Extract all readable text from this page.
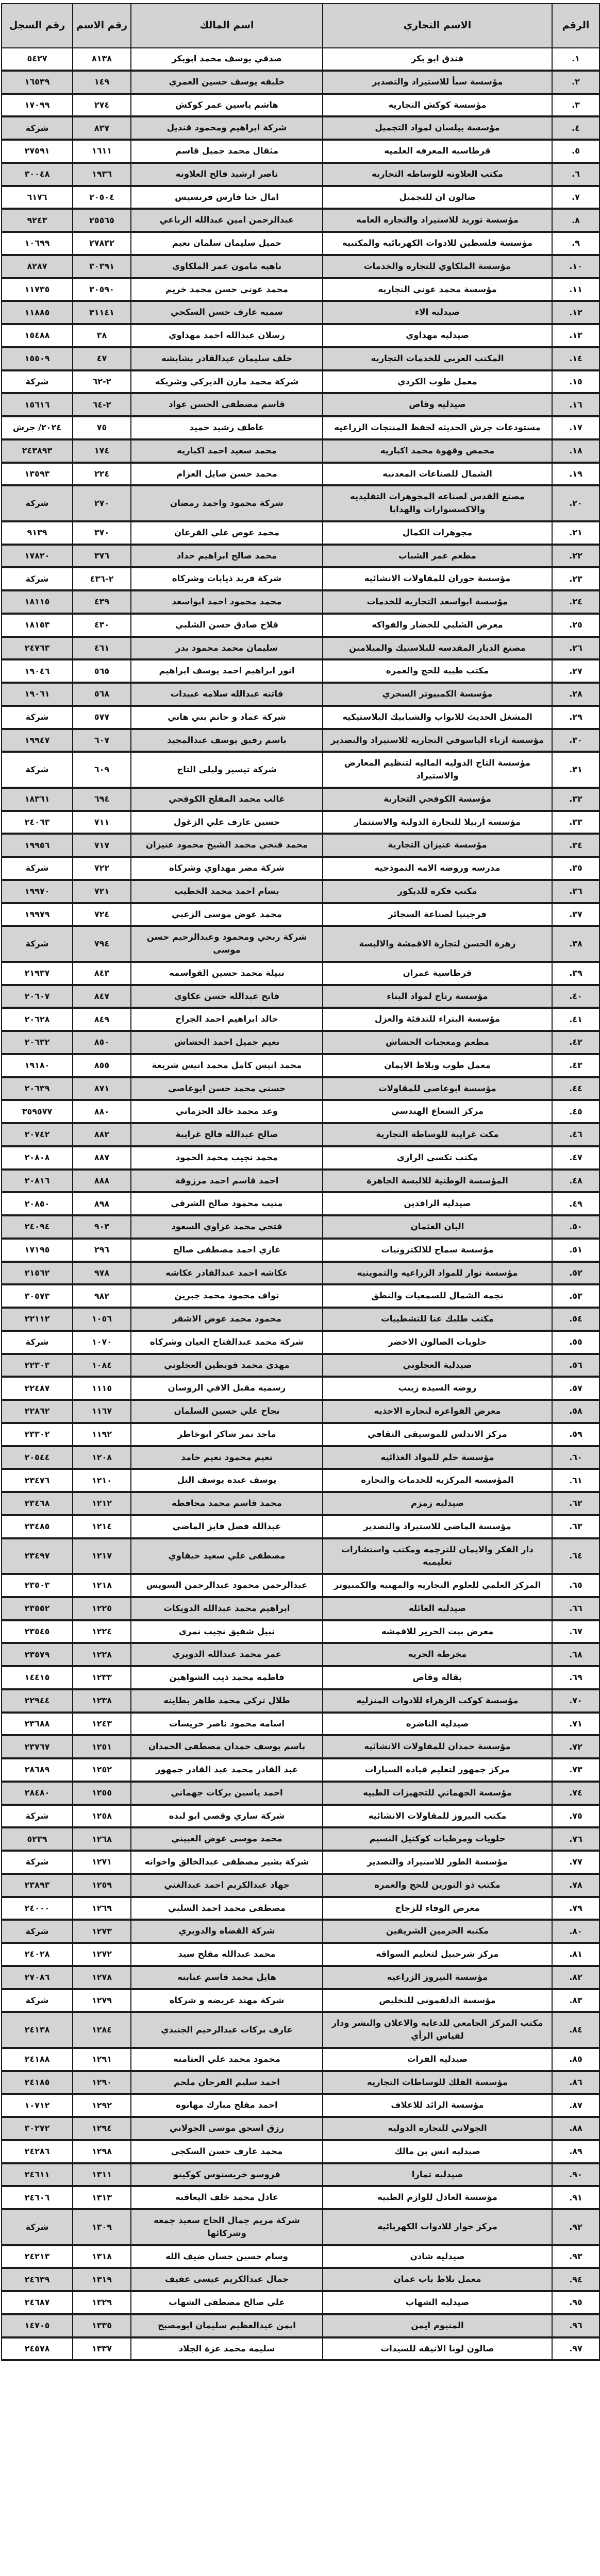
الرقم	الاسم التجاري	اسم المالك	رقم الاسم	رقم السجل
١.	فندق ابو بكر	صدقي يوسف محمد ابوبكر	٨١٣٨	٥٤٢٧
٢.	مؤسسة سبأ للاستيراد والتصدير	خليفه يوسف حسين العمري	١٤٩	١٦٥٣٩
٣.	مؤسسة كوكش التجاريه	هاشم ياسين عمر كوكش	٢٧٤	١٧٠٩٩
٤.	مؤسسة بيلسان لمواد التجميل	شركة ابراهيم ومحمود قنديل	٨٣٧	شركة
٥.	قرطاسيه المعرفه العلميه	مثقال محمد جميل قاسم	١٦١١	٢٧٥٩١
٦.	مكتب العلاونه للوساطه التجاريه	ناصر ارشيد فالح العلاونه	١٩٣٦	٣٠٠٤٨
٧.	صالون ان للتجميل	امال حنا فارس فرنسيس	٢٠٥٠٤	٦١٧٦
٨.	مؤسسة توريد للاستيراد والتجاره العامه	عبدالرحمن امين عبدالله الرباعي	٢٥٥٦٥	٩٢٤٣
٩.	مؤسسة فلسطين للادوات الكهربائيه والمكتبيه	جميل سليمان سلمان نعيم	٢٧٨٣٢	١٠٦٩٩
١٠.	مؤسسة الملكاوي للتجاره والخدمات	ناهيه مامون عمر الملكاوي	٣٠٣٩١	٨٢٨٧
١١.	مؤسسة محمد عوني التجاريه	محمد عوني حسن محمد خريم	٣٠٥٩٠	١١٧٣٥
١٢.	صيدليه الاء	سميه عارف حسن السكجي	٣١١٤١	١١٨٨٥
١٣.	صيدليه مهداوي	رسلان عبدالله احمد مهداوي	٣٨	١٥٤٨٨
١٤.	المكتب العربي للخدمات التجاريه	خلف سليمان عبدالقادر بشابشه	٤٧	١٥٥٠٩
١٥.	معمل طوب الكردي	شركة محمد مازن الديركي وشريكه	٢-٦٢	شركة
١٦.	صيدليه وقاص	قاسم مصطفى الحسن عواد	٢-٦٤	١٥٦١٦
١٧.	مستودعات جرش الحديثه لحفظ المنتجات الزراعيه	عاطف رشيد حميد	٧٥	٢٠٢٤/ جرش
١٨.	محمص وقهوة محمد اكباريه	محمد سعيد احمد اكباريه	١٧٤	٢٤٣٨٩٣
١٩.	الشمال للصناعات المعدنيه	محمد حسن صايل العزام	٢٢٤	١٣٥٩٣
٢٠.	مصنع القدس لصناعه المجوهرات التقليديه والاكسسوارات والهدايا	شركة محمود واحمد رمضان	٢٧٠	شركة
٢١.	مجوهرات الكمال	محمد عوض علي القرعان	٣٧٠	٩١٣٩
٢٢.	مطعم عمر الشباب	محمد صالح ابراهيم حداد	٣٧٦	١٧٨٢٠
٢٣.	مؤسسة حوران للمقاولات الانشائيه	شركة فريد ذيابات وشركاه	٢-٤٣٦	شركة
٢٤.	مؤسسة ابواسعد التجاريه للخدمات	محمد محمود احمد ابواسعد	٤٣٩	١٨١١٥
٢٥.	معرض الشلبي للخضار والفواكه	فلاح صادق حسن الشلبي	٤٣٠	١٨١٥٣
٢٦.	مصنع الديار المقدسه للبلاستيك والميلامين	سليمان محمد محمود بدر	٤٦١	٢٤٧٦٣
٢٧.	مكتب طيبه للحج والعمره	انور ابراهيم احمد يوسف ابراهيم	٥٦٥	١٩٠٤٦
٢٨.	مؤسسة الكمبيوتر السحري	فاتنه عبدالله سلامه عبيدات	٥٦٨	١٩٠٦١
٢٩.	المشغل الحديث للابواب والشبابيك البلاستيكيه	شركة عماد و حاتم بني هاني	٥٧٧	شركة
٣٠.	مؤسسة ازياء الياسوقي التجاريه للاستيراد والتصدير	باسم رفيق يوسف عبدالمجيد	٦٠٧	١٩٩٤٧
٣١.	مؤسسة التاج الدوليه الماليه لتنظيم المعارض والاستيراد	شركة تيسير وليلى التاج	٦٠٩	شركة
٣٢.	مؤسسة الكوفحي التجارية	غالب محمد المفلح الكوفحي	٦٩٤	١٨٣٦١
٣٣.	مؤسسة اربيلا للتجارة الدولية والاستثمار	حسين عارف علي الزغول	٧١١	٢٤٠٦٣
٣٤.	مؤسسة عنيزان التجارية	محمد فتحي محمد الشيخ محمود عنيزان	٧١٧	١٩٩٥٦
٣٥.	مدرسه وروضه الامه النموذجيه	شركة مضر مهداوي وشركاه	٧٢٢	شركة
٣٦.	مكتب فكره للديكور	بسام احمد محمد الخطيب	٧٢١	١٩٩٧٠
٣٧.	فرجينيا لصناعة السجائر	محمد عوض موسى الزعبي	٧٢٤	١٩٩٧٩
٣٨.	زهرة الحسن لتجارة الاقمشة والالبسة	شركة ربحي ومحمود وعبدالرحيم حسن موسى	٧٩٤	شركة
٣٩.	قرطاسية عمران	نبيلة محمد حسين القواسمه	٨٤٣	٢١٩٣٧
٤٠.	مؤسسة رتاج لمواد البناء	فاتح عبدالله حسن عكاوي	٨٤٧	٢٠٦٠٧
٤١.	مؤسسة البتراء للتدفئة والعزل	خالد ابراهيم احمد الجراح	٨٤٩	٢٠٦٢٨
٤٢.	مطعم ومعجنات الحشاش	نعيم جميل احمد الحشاش	٨٥٠	٢٠٦٣٢
٤٣.	معمل طوب وبلاط الايمان	محمد انيس كامل محمد انيس شريعة	٨٥٥	١٩١٨٠
٤٤.	مؤسسة ابوعاصي للمقاولات	حسني محمد حسن ابوعاصي	٨٧١	٢٠٦٣٩
٤٥.	مركز الشعاع الهندسي	وعد محمد خالد الجزماتي	٨٨٠	٣٥٩٥٧٧
٤٦.	مكت غرايبة للوساطة التجارية	صالح عبدالله فالح غرايبة	٨٨٢	٢٠٧٤٢
٤٧.	مكتب تكسي الرازي	محمد نجيب محمد الحمود	٨٨٧	٢٠٨٠٨
٤٨.	المؤسسة الوطنية للالبسة الجاهزة	احمد قاسم احمد مرزوقة	٨٨٨	٢٠٨١٦
٤٩.	صيدليه الرافدين	منيب محمود صالح الشرقي	٨٩٨	٢٠٨٥٠
٥٠.	البان العثمان	فتحي محمد غزاوي السعود	٩٠٣	٢٤٠٩٤
٥١.	مؤسسة سماح للالكترونيات	غازي احمد مصطفى صالح	٢٩٦	١٧١٩٥
٥٢.	مؤسسة نوار للمواد الزراعيه والتموينيه	عكاشه احمد عبدالقادر عكاشه	٩٧٨	٢١٥٦٢
٥٣.	نجمه الشمال للسمعيات والنطق	نواف محمود محمد جبرين	٩٨٢	٣٠٥٧٣
٥٤.	مكتب طلبك عنا للتشطيبات	محمود محمد عوض الاشقر	١٠٥٦	٢٢١١٢
٥٥.	حلويات الصالون الاخضر	شركة محمد عبدالفتاح العيان وشركاه	١٠٧٠	شركة
٥٦.	صيدلية العجلوني	مهدى محمد قويطين العجلوني	١٠٨٤	٢٢٣٠٣
٥٧.	روضه السيده زينب	رسميه مقبل الافي الروسان	١١١٥	٢٢٤٨٧
٥٨.	معرض الفواعره لتجاره الاحذيه	نجاح علي حسين السلمان	١١٦٧	٢٢٨٦٢
٥٩.	مركز الاندلس للموسيقى الثقافي	ماجد نمر شاكر ابوخاطر	١١٩٢	٢٣٣٠٢
٦٠.	مؤسسة حلم للمواد الغذائيه	نعيم محمود نعيم حامد	١٢٠٨	٢٠٥٤٤
٦١.	المؤسسه المركزيه للخدمات والتجاره	يوسف عبده يوسف التل	١٢١٠	٢٣٤٧٦
٦٢.	صيدليه زمزم	محمد قاسم محمد محافظه	١٢١٢	٢٣٤٦٨
٦٣.	مؤسسة الماضي للاستيراد والتصدير	عبدالله فضل فايز الماضي	١٢١٤	٢٣٤٨٥
٦٤.	دار الفكر والايمان للترجمه ومكتب واستشارات تعليميه	مصطفى علي سعيد حيفاوي	١٢١٧	٢٣٤٩٧
٦٥.	المركز العلمي للعلوم التجاريه والمهنيه والكمبيوتر	عبدالرحمن محمود عبدالرحمن السويس	١٢١٨	٢٣٥٠٣
٦٦.	صيدليه العائله	ابراهيم محمد عبدالله الدويكات	١٢٢٥	٢٣٥٥٢
٦٧.	معرض بيت الحرير للاقمشه	نبيل شفيق نجيب نمري	١٢٢٤	٢٣٥٤٥
٦٨.	مخرطة الحريه	عمر محمد عبدالله الدويري	١٢٢٨	٢٣٥٧٩
٦٩.	بقاله وقاص	فاطمه محمد ذيب الشواهين	١٢٣٣	١٤٤١٥
٧٠.	مؤسسة كوكب الزهراء للادوات المنزليه	طلال تركي محمد طاهر بطاينه	١٢٣٨	٢٢٩٤٤
٧١.	صيدليه الناضره	اسامه محمود ناصر خريسات	١٢٤٣	٢٣٦٨٨
٧٢.	مؤسسة حمدان للمقاولات الانشائيه	باسم يوسف حمدان مصطفى الحمدان	١٢٥١	٢٣٧٦٧
٧٣.	مركز جمهور لتعليم قياده السيارات	عبد القادر محمد عبد القادر جمهور	١٢٥٢	٢٨٦٨٩
٧٤.	مؤسسة الجهماني للتجهيزات الطبيه	احمد ياسين بركات جهماني	١٢٥٥	٢٨٤٨٠
٧٥.	مكتب النيروز للمقاولات الانشائيه	شركة ساري وقصي ابو لبده	١٢٥٨	شركة
٧٦.	حلويات ومرطبات كوكتيل النسيم	محمد موسى عوض العبيني	١٢٦٨	٥٢٣٩
٧٧.	مؤسسة الطور للاستيراد والتصدير	شركة بشير مصطفى عبدالخالق واخوانه	١٢٧١	شركة
٧٨.	مكتب ذو النورين للحج والعمره	جهاد عبدالكريم احمد عبدالغني	١٢٥٩	٢٣٨٩٣
٧٩.	معرض الوفاء للزجاج	مصطفى محمد احمد الشلبي	١٢٦٩	٢٤٠٠٠
٨٠.	مكتبه الحرمين الشريفين	شركة القضاه والدويري	١٢٧٣	شركة
٨١.	مركز شرحبيل لتعليم السواقه	محمد عبدالله مفلح سيد	١٢٧٢	٢٤٠٢٨
٨٢.	مؤسسة النيروز الزراعيه	هايل محمد قاسم عبابنه	١٢٧٨	٢٧٠٨٦
٨٣.	مؤسسة الدلقموني للتخليص	شركة مهند عريضه و شركاه	١٢٧٩	شركة
٨٤.	مكتب المركز الجامعي للدعايه والاعلان والنشر ودار لقياس الرأي	عارف بركات عبدالرحيم الجنيدي	١٢٨٤	٢٤١٣٨
٨٥.	صيدليه الفرات	محمود محمد علي العثامنه	١٢٩١	٢٤١٨٨
٨٦.	مؤسسة الفلك للوساطات التجاريه	احمد سليم الفرحان ملحم	١٢٩٠	٢٤١٨٥
٨٧.	مؤسسة الرائد للاعلاف	احمد مفلح مبارك مهانوه	١٢٩٢	١٠٧١٢
٨٨.	الجولاني للتجاره الدوليه	رزق اسحق موسى الجولاني	١٢٩٤	٣٠٢٧٢
٨٩.	صيدليه انس بن مالك	محمد عارف حسن السكجي	١٢٩٨	٢٤٢٨٦
٩٠.	صيدليه تمارا	فروسو خريستوس كوكينو	١٣١١	٢٤٦١١
٩١.	مؤسسة العادل للوازم الطبيه	عادل محمد خلف اليعاقبه	١٣١٣	٢٤٦٠٦
٩٢.	مركز حوار للادوات الكهربائيه	شركة مريم جمال الحاج سعيد جمعه وشركائها	١٣٠٩	شركة
٩٣.	صيدليه شادن	وسام حسين حسان ضيف الله	١٣١٨	٢٤٢١٣
٩٤.	معمل بلاط باب عمان	جمال عبدالكريم عيسى عفيف	١٣١٩	٢٤٦٣٩
٩٥.	صيدليه الشهاب	علي صالح مصطفى الشهاب	١٣٢٩	٢٤٦٨٧
٩٦.	المنيوم ايمن	ايمن عبدالعظيم سليمان ابومصبح	١٣٣٥	١٤٧٠٥
٩٧.	صالون لونا الانيقه للسيدات	سليمه محمد عزة الجلاد	١٣٣٧	٢٤٥٧٨
